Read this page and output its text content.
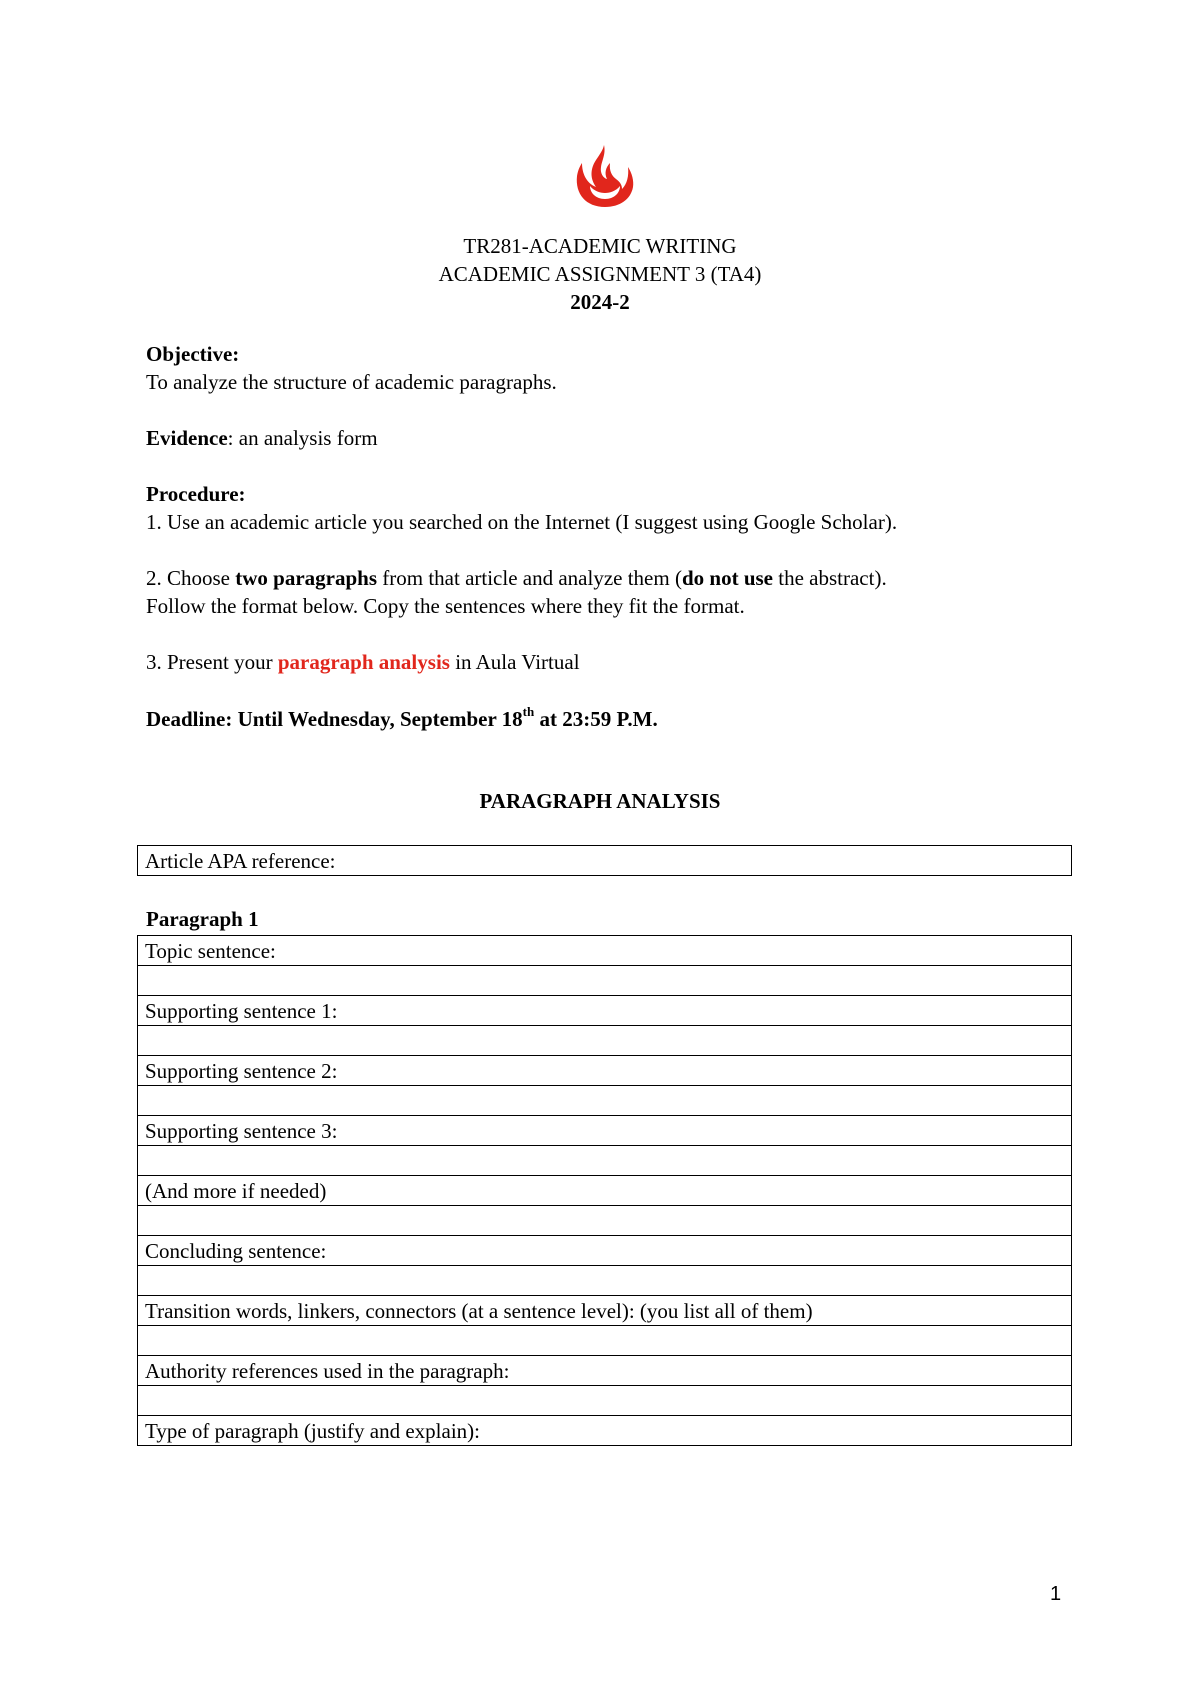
TR281-ACADEMIC WRITING
ACADEMIC ASSIGNMENT 3 (TA4)
2024-2
Objective:
To analyze the structure of academic paragraphs.
Evidence: an analysis form
Procedure:
1. Use an academic article you searched on the Internet (I suggest using Google Scholar).
2. Choose two paragraphs from that article and analyze them (do not use the abstract).
Follow the format below. Copy the sentences where they fit the format.
3. Present your paragraph analysis in Aula Virtual
Deadline: Until Wednesday, September 18th at 23:59 P.M.
PARAGRAPH ANALYSIS
Article APA reference:
Paragraph 1
Topic sentence:

Supporting sentence 1:

Supporting sentence 2:

Supporting sentence 3:

(And more if needed)

Concluding sentence:

Transition words, linkers, connectors (at a sentence level): (you list all of them)

Authority references used in the paragraph:

Type of paragraph (justify and explain):
1
